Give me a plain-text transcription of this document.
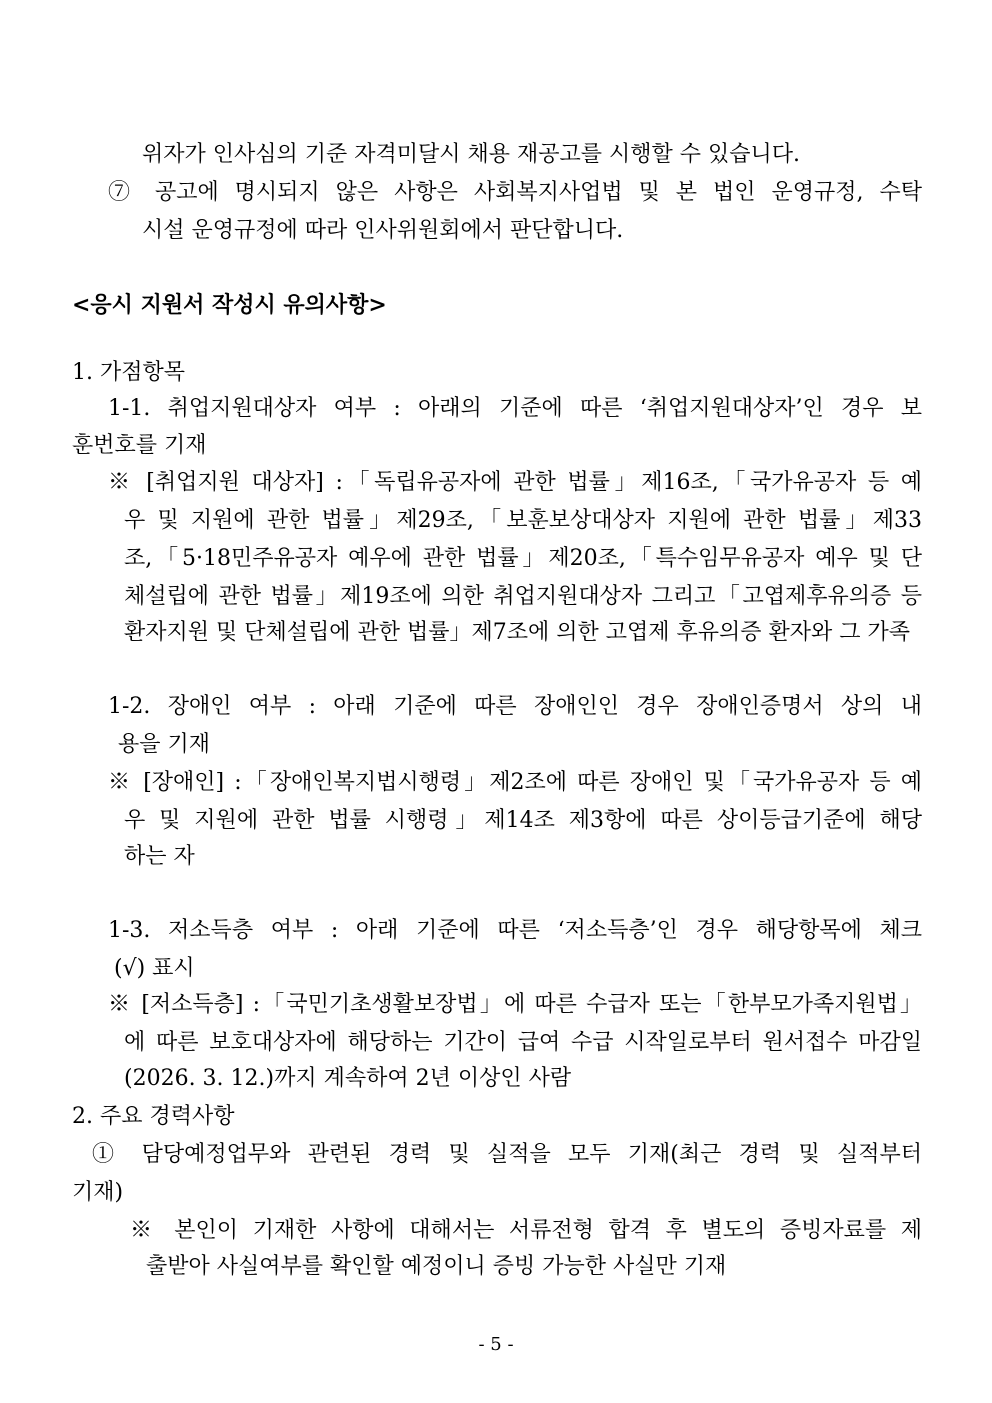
위자가 인사심의 기준 자격미달시 채용 재공고를 시행할 수 있습니다.
⑦ 공고에 명시되지 않은 사항은 사회복지사업법 및 본 법인 운영규정, 수탁
시설 운영규정에 따라 인사위원회에서 판단합니다.
<응시 지원서 작성시 유의사항>
1. 가점항목
1-1. 취업지원대상자 여부 : 아래의 기준에 따른 ‘취업지원대상자’인 경우 보
훈번호를 기재
※ [취업지원 대상자] :「독립유공자에 관한 법률」제16조,「국가유공자 등 예
우 및 지원에 관한 법률」제29조,「보훈보상대상자 지원에 관한 법률」제33
조,「5·18민주유공자 예우에 관한 법률」제20조,「특수임무유공자 예우 및 단
체설립에 관한 법률」제19조에 의한 취업지원대상자 그리고「고엽제후유의증 등
환자지원 및 단체설립에 관한 법률」제7조에 의한 고엽제 후유의증 환자와 그 가족
1-2. 장애인 여부 : 아래 기준에 따른 장애인인 경우 장애인증명서 상의 내
용을 기재
※ [장애인] :「장애인복지법시행령」제2조에 따른 장애인 및「국가유공자 등 예
우 및 지원에 관한 법률 시행령」제14조 제3항에 따른 상이등급기준에 해당
하는 자
1-3. 저소득층 여부 : 아래 기준에 따른 ‘저소득층’인 경우 해당항목에 체크
(√) 표시
※ [저소득층] :「국민기초생활보장법」에 따른 수급자 또는「한부모가족지원법」
에 따른 보호대상자에 해당하는 기간이 급여 수급 시작일로부터 원서접수 마감일
(2026. 3. 12.)까지 계속하여 2년 이상인 사람
2. 주요 경력사항
① 담당예정업무와 관련된 경력 및 실적을 모두 기재(최근 경력 및 실적부터
기재)
※ 본인이 기재한 사항에 대해서는 서류전형 합격 후 별도의 증빙자료를 제
출받아 사실여부를 확인할 예정이니 증빙 가능한 사실만 기재
- 5 -
